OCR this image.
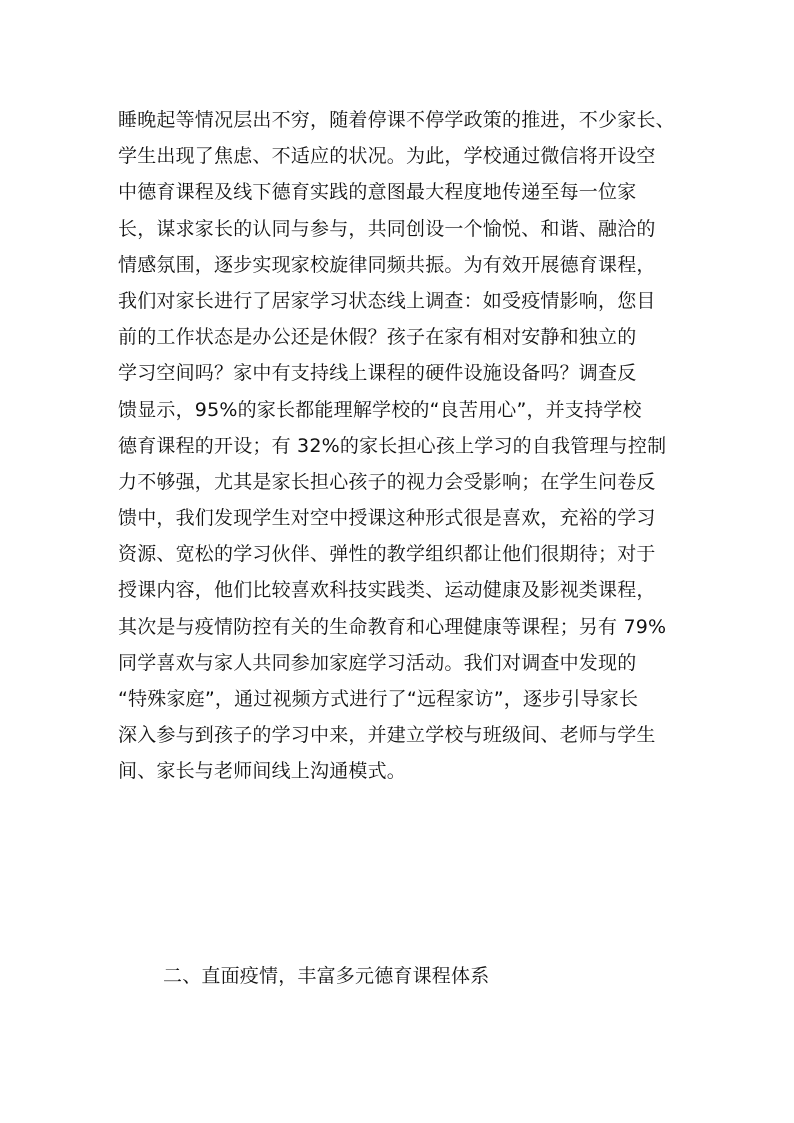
睡晚起等情况层出不穷，随着停课不停学政策的推进，不少家长、
学生出现了焦虑、不适应的状况。为此，学校通过微信将开设空
中德育课程及线下德育实践的意图最大程度地传递至每一位家
长，谋求家长的认同与参与，共同创设一个愉悦、和谐、融洽的
情感氛围，逐步实现家校旋律同频共振。为有效开展德育课程，
我们对家长进行了居家学习状态线上调查：如受疫情影响，您目
前的工作状态是办公还是休假？孩子在家有相对安静和独立的
学习空间吗？家中有支持线上课程的硬件设施设备吗？调查反
馈显示，95%的家长都能理解学校的“良苦用心”，并支持学校
德育课程的开设；有 32%的家长担心孩上学习的自我管理与控制
力不够强，尤其是家长担心孩子的视力会受影响；在学生问卷反
馈中，我们发现学生对空中授课这种形式很是喜欢，充裕的学习
资源、宽松的学习伙伴、弹性的教学组织都让他们很期待；对于
授课内容，他们比较喜欢科技实践类、运动健康及影视类课程，
其次是与疫情防控有关的生命教育和心理健康等课程；另有 79%
同学喜欢与家人共同参加家庭学习活动。我们对调查中发现的
“特殊家庭”，通过视频方式进行了“远程家访”，逐步引导家长
深入参与到孩子的学习中来，并建立学校与班级间、老师与学生
间、家长与老师间线上沟通模式。
二、直面疫情，丰富多元德育课程体系
